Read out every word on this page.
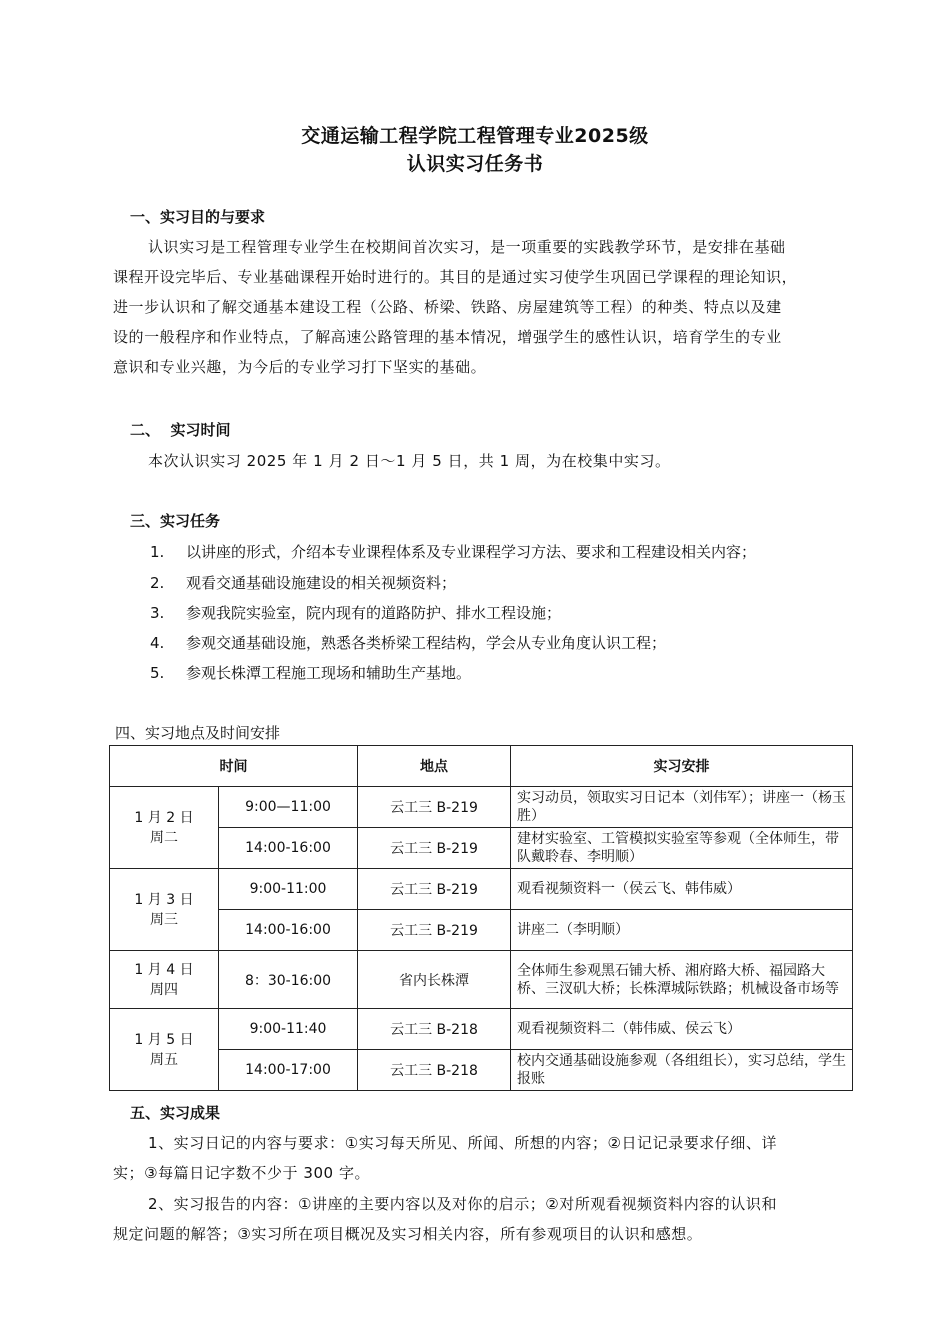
交通运输工程学院工程管理专业2025级
认识实习任务书
一、实习目的与要求
认识实习是工程管理专业学生在校期间首次实习，是一项重要的实践教学环节，是安排在基础
课程开设完毕后、专业基础课程开始时进行的。其目的是通过实习使学生巩固已学课程的理论知识，
进一步认识和了解交通基本建设工程（公路、桥梁、铁路、房屋建筑等工程）的种类、特点以及建
设的一般程序和作业特点，了解高速公路管理的基本情况，增强学生的感性认识，培育学生的专业
意识和专业兴趣，为今后的专业学习打下坚实的基础。
二、  实习时间
本次认识实习 2025 年 1 月 2 日～1 月 5 日，共 1 周，为在校集中实习。
三、实习任务
1. 以讲座的形式，介绍本专业课程体系及专业课程学习方法、要求和工程建设相关内容；
2. 观看交通基础设施建设的相关视频资料；
3. 参观我院实验室，院内现有的道路防护、排水工程设施；
4. 参观交通基础设施，熟悉各类桥梁工程结构，学会从专业角度认识工程；
5. 参观长株潭工程施工现场和辅助生产基地。
四、实习地点及时间安排
时间		地点	实习安排

1 月 2 日
周二	9:00—11:00	云工三 B-219	实习动员，领取实习日记本（刘伟军）；讲座一（杨玉胜）
	14:00-16:00	云工三 B-219	建材实验室、工管模拟实验室等参观（全体师生，带队戴聆春、李明顺）

1 月 3 日
周三	9:00-11:00	云工三 B-219	观看视频资料一（侯云飞、韩伟威）
	14:00-16:00	云工三 B-219	讲座二（李明顺）

1 月 4 日
周四	8：30-16:00	省内长株潭	全体师生参观黑石铺大桥、湘府路大桥、福园路大桥、三汊矶大桥；长株潭城际铁路；机械设备市场等

1 月 5 日
周五	9:00-11:40	云工三 B-218	观看视频资料二（韩伟威、侯云飞）
	14:00-17:00	云工三 B-218	校内交通基础设施参观（各组组长），实习总结，学生报账
五、实习成果
1、实习日记的内容与要求：①实习每天所见、所闻、所想的内容；②日记记录要求仔细、详
实；③每篇日记字数不少于 300 字。
2、实习报告的内容：①讲座的主要内容以及对你的启示；②对所观看视频资料内容的认识和
规定问题的解答；③实习所在项目概况及实习相关内容，所有参观项目的认识和感想。
